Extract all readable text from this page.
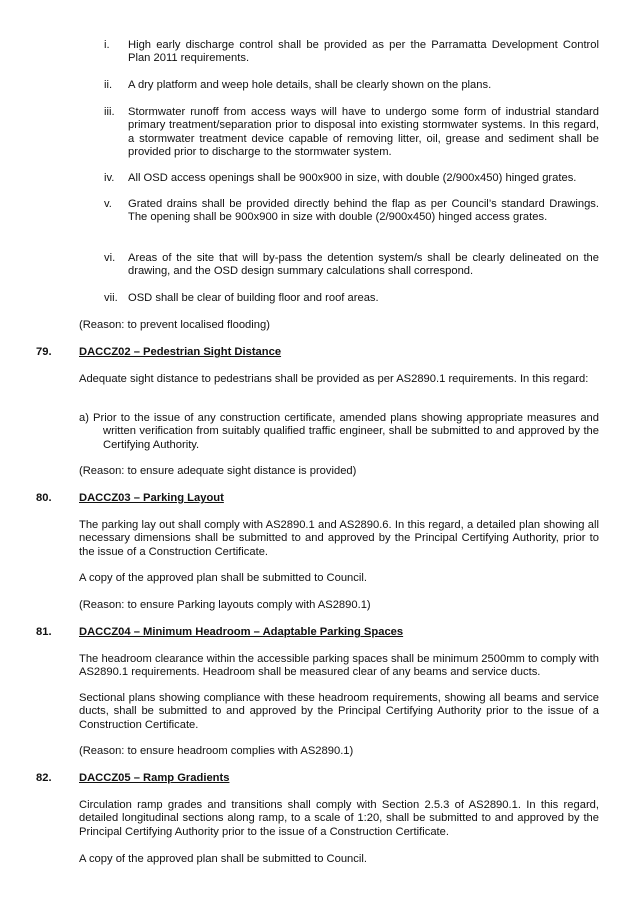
i.	High early discharge control shall be provided as per the Parramatta Development Control Plan 2011 requirements.
ii.	A dry platform and weep hole details, shall be clearly shown on the plans.
iii.	Stormwater runoff from access ways will have to undergo some form of industrial standard primary treatment/separation prior to disposal into existing stormwater systems. In this regard, a stormwater treatment device capable of removing litter, oil, grease and sediment shall be provided prior to discharge to the stormwater system.
iv.	All OSD access openings shall be 900x900 in size, with double (2/900x450) hinged grates.
v.	Grated drains shall be provided directly behind the flap as per Council’s standard Drawings. The opening shall be 900x900 in size with double (2/900x450) hinged access grates.
vi.	Areas of the site that will by-pass the detention system/s shall be clearly delineated on the drawing, and the OSD design summary calculations shall correspond.
vii. OSD shall be clear of building floor and roof areas.
(Reason: to prevent localised flooding)
79. DACCZ02 – Pedestrian Sight Distance
Adequate sight distance to pedestrians shall be provided as per AS2890.1 requirements. In this regard:
a) Prior to the issue of any construction certificate, amended plans showing appropriate measures and written verification from suitably qualified traffic engineer, shall be submitted to and approved by the Certifying Authority.
(Reason: to ensure adequate sight distance is provided)
80. DACCZ03 – Parking Layout
The parking lay out shall comply with AS2890.1 and AS2890.6. In this regard, a detailed plan showing all necessary dimensions shall be submitted to and approved by the Principal Certifying Authority, prior to the issue of a Construction Certificate.
A copy of the approved plan shall be submitted to Council.
(Reason: to ensure Parking layouts comply with AS2890.1)
81. DACCZ04 – Minimum Headroom – Adaptable Parking Spaces
The headroom clearance within the accessible parking spaces shall be minimum 2500mm to comply with AS2890.1 requirements. Headroom shall be measured clear of any beams and service ducts.
Sectional plans showing compliance with these headroom requirements, showing all beams and service ducts, shall be submitted to and approved by the Principal Certifying Authority prior to the issue of a Construction Certificate.
(Reason: to ensure headroom complies with AS2890.1)
82. DACCZ05 – Ramp Gradients
Circulation ramp grades and transitions shall comply with Section 2.5.3 of AS2890.1. In this regard, detailed longitudinal sections along ramp, to a scale of 1:20, shall be submitted to and approved by the Principal Certifying Authority prior to the issue of a Construction Certificate.
A copy of the approved plan shall be submitted to Council.
